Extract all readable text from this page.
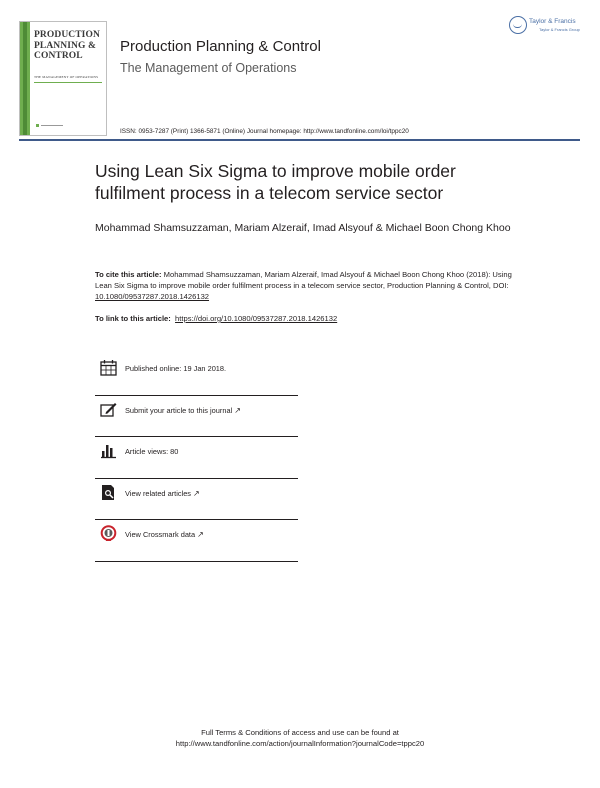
PRODUCTION PLANNING & CONTROL
THE MANAGEMENT OF OPERATIONS
Production Planning & Control
The Management of Operations
Taylor & Francis
Taylor & Francis Group
ISSN: 0953-7287 (Print) 1366-5871 (Online) Journal homepage: http://www.tandfonline.com/loi/tppc20
Using Lean Six Sigma to improve mobile order fulfilment process in a telecom service sector
Mohammad Shamsuzzaman, Mariam Alzeraif, Imad Alsyouf & Michael Boon Chong Khoo
To cite this article: Mohammad Shamsuzzaman, Mariam Alzeraif, Imad Alsyouf & Michael Boon Chong Khoo (2018): Using Lean Six Sigma to improve mobile order fulfilment process in a telecom service sector, Production Planning & Control, DOI: 10.1080/09537287.2018.1426132
To link to this article: https://doi.org/10.1080/09537287.2018.1426132
Published online: 19 Jan 2018.
Submit your article to this journal ↗
Article views: 80
View related articles ↗
View Crossmark data ↗
Full Terms & Conditions of access and use can be found at
http://www.tandfonline.com/action/journalInformation?journalCode=tppc20
